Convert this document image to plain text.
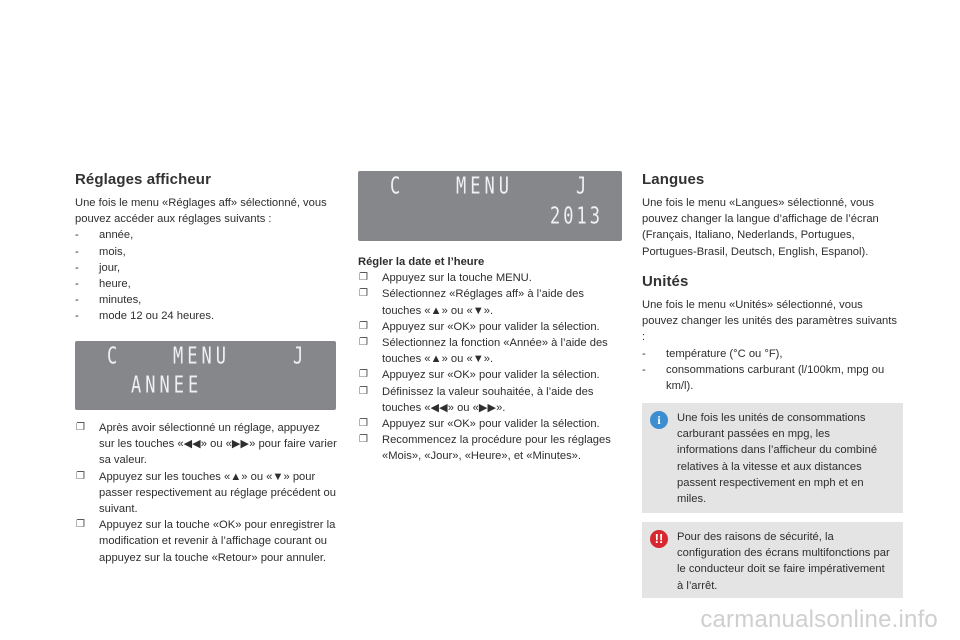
Réglages afficheur

Une fois le menu «Réglages aff» sélectionné, vous pouvez accéder aux réglages suivants :

- année,
- mois,
- jour,
- heure,
- minutes,
- mode 12 ou 24 heures.
C	MENU	J
ANNEE
❐ Après avoir sélectionné un réglage, appuyez sur les touches «◀◀» ou «▶▶» pour faire varier sa valeur.
❐ Appuyez sur les touches «▲» ou «▼» pour passer respectivement au réglage précédent ou suivant.
❐ Appuyez sur la touche «OK» pour enregistrer la modification et revenir à l’affichage courant ou appuyez sur la touche «Retour» pour annuler.
C	MENU	J
2013

Régler la date et l’heure

❐ Appuyez sur la touche MENU.
❐ Sélectionnez «Réglages aff» à l’aide des touches «▲» ou «▼».
❐ Appuyez sur «OK» pour valider la sélection.
❐ Sélectionnez la fonction «Année» à l’aide des touches «▲» ou «▼».
❐ Appuyez sur «OK» pour valider la sélection.
❐ Définissez la valeur souhaitée, à l’aide des touches «◀◀» ou «▶▶».
❐ Appuyez sur «OK» pour valider la sélection.
❐ Recommencez la procédure pour les réglages «Mois», «Jour», «Heure», et «Minutes».
Langues
Une fois le menu «Langues» sélectionné, vous pouvez changer la langue d’affichage de l’écran (Français, Italiano, Nederlands, Portugues, Portugues-Brasil, Deutsch, English, Espanol).
Unités

Une fois le menu «Unités» sélectionné, vous pouvez changer les unités des paramètres suivants :

- température (°C ou °F),
- consommations carburant (l/100km, mpg ou km/l).
i	Une fois les unités de consommations carburant passées en mpg, les informations dans l’afficheur du combiné relatives à la vitesse et aux distances passent respectivement en mph et en miles.
!!	Pour des raisons de sécurité, la configuration des écrans multifonctions par le conducteur doit se faire impérativement à l’arrêt.
carmanualsonline.info
